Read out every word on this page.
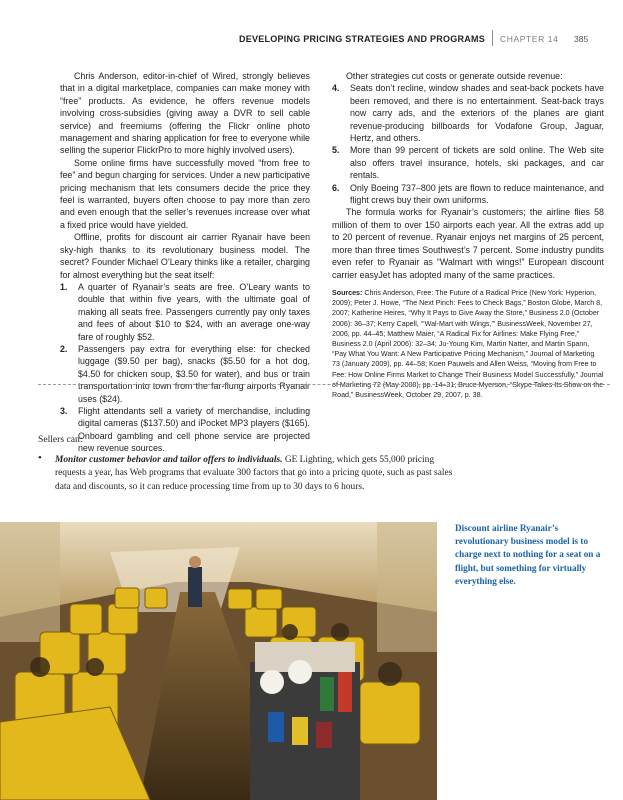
DEVELOPING PRICING STRATEGIES AND PROGRAMS CHAPTER 14 385

Chris Anderson, editor-in-chief of Wired, strongly believes that in a digital marketplace, companies can make money with “free” products. As evidence, he offers revenue models involving cross-subsidies (giving away a DVR to sell cable service) and freemiums (offering the Flickr online photo management and sharing application for free to everyone while selling the superior FlickrPro to more highly involved users).

Some online firms have successfully moved “from free to fee” and begun charging for services. Under a new participative pricing mechanism that lets consumers decide the price they feel is warranted, buyers often choose to pay more than zero and even enough that the seller’s revenues increase over what a fixed price would have yielded.

Offline, profits for discount air carrier Ryanair have been sky-high thanks to its revolutionary business model. The secret? Founder Michael O’Leary thinks like a retailer, charging for almost everything but the seat itself:

1. A quarter of Ryanair’s seats are free. O’Leary wants to double that within five years, with the ultimate goal of making all seats free. Passengers currently pay only taxes and fees of about $10 to $24, with an average one-way fare of roughly $52.
2. Passengers pay extra for everything else: for checked luggage ($9.50 per bag), snacks ($5.50 for a hot dog, $4.50 for chicken soup, $3.50 for water), and bus or train transportation into town from the far-flung airports Ryanair uses ($24).
3. Flight attendants sell a variety of merchandise, including digital cameras ($137.50) and iPocket MP3 players ($165). Onboard gambling and cell phone service are projected new revenue sources.

Other strategies cut costs or generate outside revenue:

4. Seats don’t recline, window shades and seat-back pockets have been removed, and there is no entertainment. Seat-back trays now carry ads, and the exteriors of the planes are giant revenue-producing billboards for Vodafone Group, Jaguar, Hertz, and others.
5. More than 99 percent of tickets are sold online. The Web site also offers travel insurance, hotels, ski packages, and car rentals.
6. Only Boeing 737–800 jets are flown to reduce maintenance, and flight crews buy their own uniforms.

The formula works for Ryanair’s customers; the airline flies 58 million of them to over 150 airports each year. All the extras add up to 20 percent of revenue. Ryanair enjoys net margins of 25 percent, more than three times Southwest’s 7 percent. Some industry pundits even refer to Ryanair as “Walmart with wings!” European discount carrier easyJet has adopted many of the same practices.

Sources: Chris Anderson, Free: The Future of a Radical Price (New York: Hyperion, 2009); Peter J. Howe, “The Next Pinch: Fees to Check Bags,” Boston Globe, March 8, 2007; Katherine Heires, “Why It Pays to Give Away the Store,” Business 2.0 (October 2006): 36–37; Kerry Capell, “‘Wal-Mart with Wings,’” BusinessWeek, November 27, 2006, pp. 44–45; Matthew Maier, “A Radical Fix for Airlines: Make Flying Free,” Business 2.0 (April 2006): 32–34; Ju-Young Kim, Martin Natter, and Martin Spann, “Pay What You Want: A New Participative Pricing Mechanism,” Journal of Marketing 73 (January 2009), pp. 44–58; Koen Pauwels and Allen Weiss, “Moving from Free to Fee: How Online Firms Market to Change Their Business Model Successfully,” Journal of Marketing 72 (May 2008), pp. 14–31; Bruce Myerson, “Skype Takes Its Show on the Road,” BusinessWeek, October 29, 2007, p. 38.

Sellers can:
• Monitor customer behavior and tailor offers to individuals. GE Lighting, which gets 55,000 pricing requests a year, has Web programs that evaluate 300 factors that go into a pricing quote, such as past sales data and discounts, so it can reduce processing time from up to 30 days to 6 hours.
Discount airline Ryanair’s revolutionary business model is to charge next to nothing for a seat on a flight, but something for virtually everything else.
